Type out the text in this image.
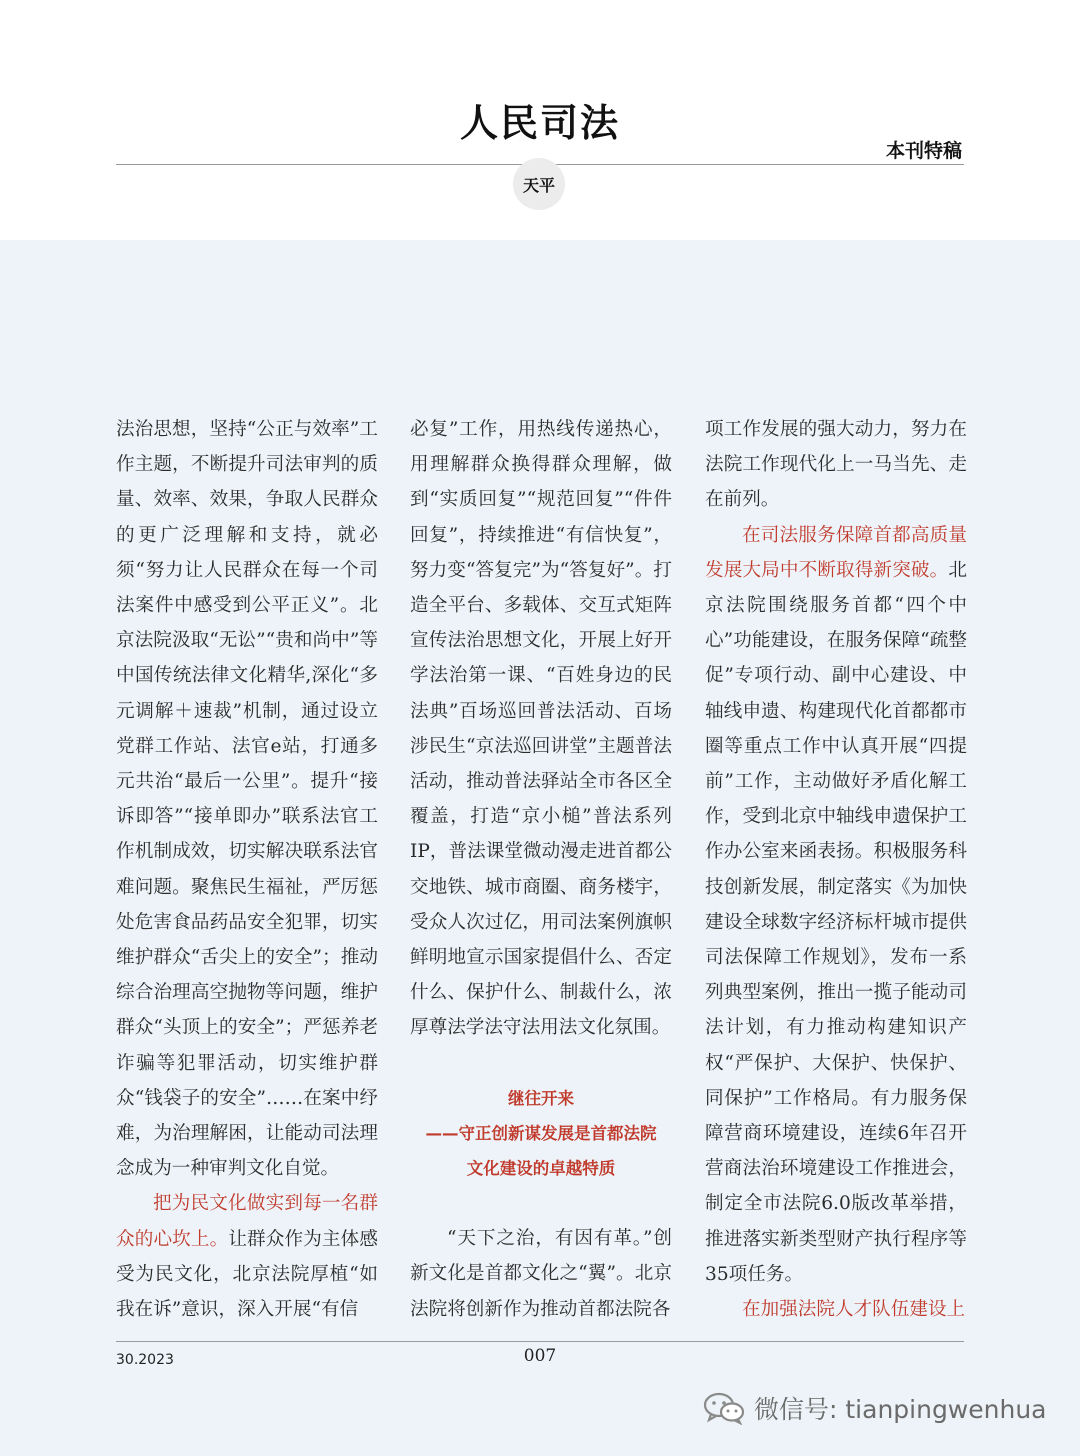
人民司法
本刊特稿
天平

法治思想，坚持“公正与效率”工作主题，不断提升司法审判的质量、效率、效果，争取人民群众的更广泛理解和支持，就必须“努力让人民群众在每一个司法案件中感受到公平正义”。北京法院汲取“无讼”“贵和尚中”等中国传统法律文化精华,深化“多元调解＋速裁”机制，通过设立党群工作站、法官e站，打通多元共治“最后一公里”。提升“接诉即答”“接单即办”联系法官工作机制成效，切实解决联系法官难问题。聚焦民生福祉，严厉惩处危害食品药品安全犯罪，切实维护群众“舌尖上的安全”；推动综合治理高空抛物等问题，维护群众“头顶上的安全”；严惩养老诈骗等犯罪活动，切实维护群众“钱袋子的安全”……在案中纾难，为治理解困，让能动司法理念成为一种审判文化自觉。

把为民文化做实到每一名群众的心坎上。让群众作为主体感受为民文化，北京法院厚植“如我在诉”意识，深入开展“有信

必复”工作，用热线传递热心，用理解群众换得群众理解，做到“实质回复”“规范回复”“件件回复”，持续推进“有信快复”，努力变“答复完”为“答复好”。打造全平台、多载体、交互式矩阵宣传法治思想文化，开展上好开学法治第一课、“百姓身边的民法典”百场巡回普法活动、百场涉民生“京法巡回讲堂”主题普法活动，推动普法驿站全市各区全覆盖，打造“京小槌”普法系列IP，普法课堂微动漫走进首都公交地铁、城市商圈、商务楼宇，受众人次过亿，用司法案例旗帜鲜明地宣示国家提倡什么、否定什么、保护什么、制裁什么，浓厚尊法学法守法用法文化氛围。

继往开来
——守正创新谋发展是首都法院
文化建设的卓越特质

“天下之治，有因有革。”创新文化是首都文化之“翼”。北京法院将创新作为推动首都法院各

项工作发展的强大动力，努力在法院工作现代化上一马当先、走在前列。

在司法服务保障首都高质量发展大局中不断取得新突破。北京法院围绕服务首都“四个中心”功能建设，在服务保障“疏整促”专项行动、副中心建设、中轴线申遗、构建现代化首都都市圈等重点工作中认真开展“四提前”工作，主动做好矛盾化解工作，受到北京中轴线申遗保护工作办公室来函表扬。积极服务科技创新发展，制定落实《为加快建设全球数字经济标杆城市提供司法保障工作规划》，发布一系列典型案例，推出一揽子能动司法计划，有力推动构建知识产权“严保护、大保护、快保护、同保护”工作格局。有力服务保障营商环境建设，连续6年召开营商法治环境建设工作推进会，制定全市法院6.0版改革举措，推进落实新类型财产执行程序等35项任务。

在加强法院人才队伍建设上

30.2023	007
微信号: tianpingwenhua
